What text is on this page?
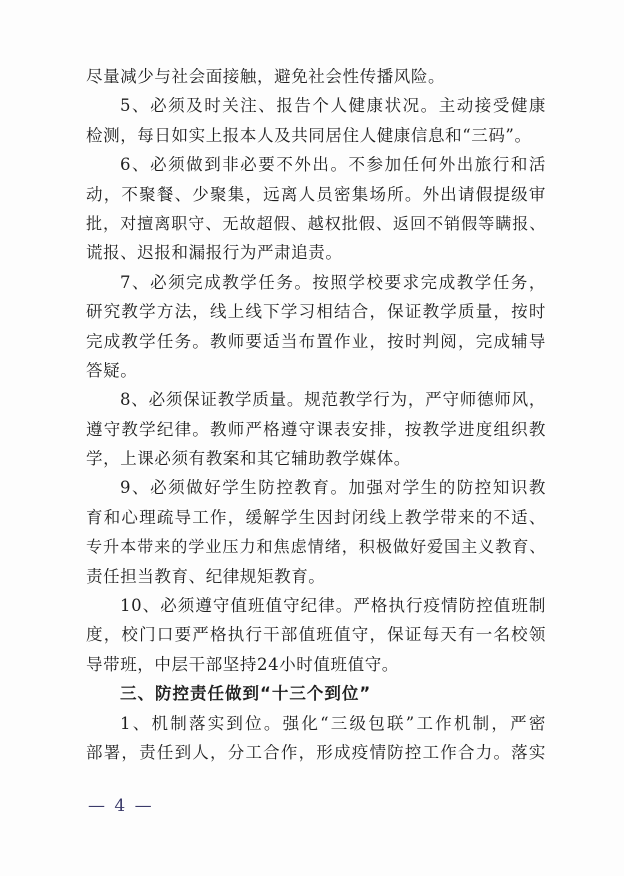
尽量减少与社会面接触，避免社会性传播风险。
5、必须及时关注、报告个人健康状况。主动接受健康
检测，每日如实上报本人及共同居住人健康信息和“三码”。
6、必须做到非必要不外出。不参加任何外出旅行和活
动，不聚餐、少聚集，远离人员密集场所。外出请假提级审
批，对擅离职守、无故超假、越权批假、返回不销假等瞒报、
谎报、迟报和漏报行为严肃追责。
7、必须完成教学任务。按照学校要求完成教学任务，
研究教学方法，线上线下学习相结合，保证教学质量，按时
完成教学任务。教师要适当布置作业，按时判阅，完成辅导
答疑。
8、必须保证教学质量。规范教学行为，严守师德师风，
遵守教学纪律。教师严格遵守课表安排，按教学进度组织教
学，上课必须有教案和其它辅助教学媒体。
9、必须做好学生防控教育。加强对学生的防控知识教
育和心理疏导工作，缓解学生因封闭线上教学带来的不适、
专升本带来的学业压力和焦虑情绪，积极做好爱国主义教育、
责任担当教育、纪律规矩教育。
10、必须遵守值班值守纪律。严格执行疫情防控值班制
度，校门口要严格执行干部值班值守，保证每天有一名校领
导带班，中层干部坚持24小时值班值守。
三、防控责任做到“十三个到位”
1、机制落实到位。强化“三级包联”工作机制，严密
部署，责任到人，分工合作，形成疫情防控工作合力。落实
— 4 —
